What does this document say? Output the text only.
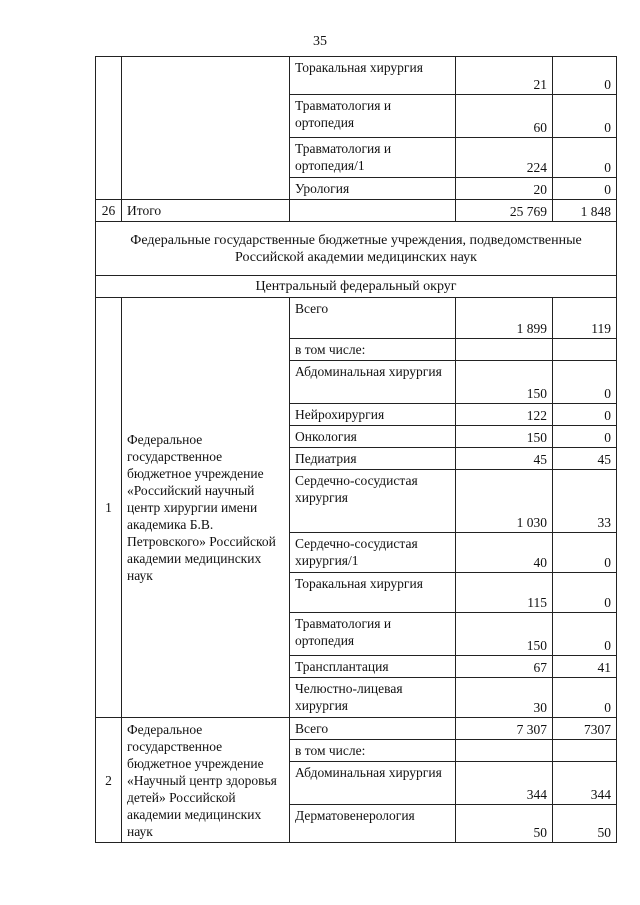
35
		Торакальная хирургия	21	0
		Травматология и ортопедия	60	0
		Травматология и ортопедия/1	224	0
		Урология	20	0
26	Итого		25 769	1 848
Федеральные государственные бюджетные учреждения, подведомственные Российской академии медицинских наук				
Центральный федеральный округ				
1	Федеральное государственное бюджетное учреждение «Российский научный центр хирургии имени академика Б.В. Петровского» Российской академии медицинских наук	Всего	1 899	119
		в том числе:		
		Абдоминальная хирургия	150	0
		Нейрохирургия	122	0
		Онкология	150	0
		Педиатрия	45	45
		Сердечно-сосудистая хирургия	1 030	33
		Сердечно-сосудистая хирургия/1	40	0
		Торакальная хирургия	115	0
		Травматология и ортопедия	150	0
		Трансплантация	67	41
		Челюстно-лицевая хирургия	30	0
2	Федеральное государственное бюджетное учреждение «Научный центр здоровья детей» Российской академии медицинских наук	Всего	7 307	7307
		в том числе:		
		Абдоминальная хирургия	344	344
		Дерматовенерология	50	50
